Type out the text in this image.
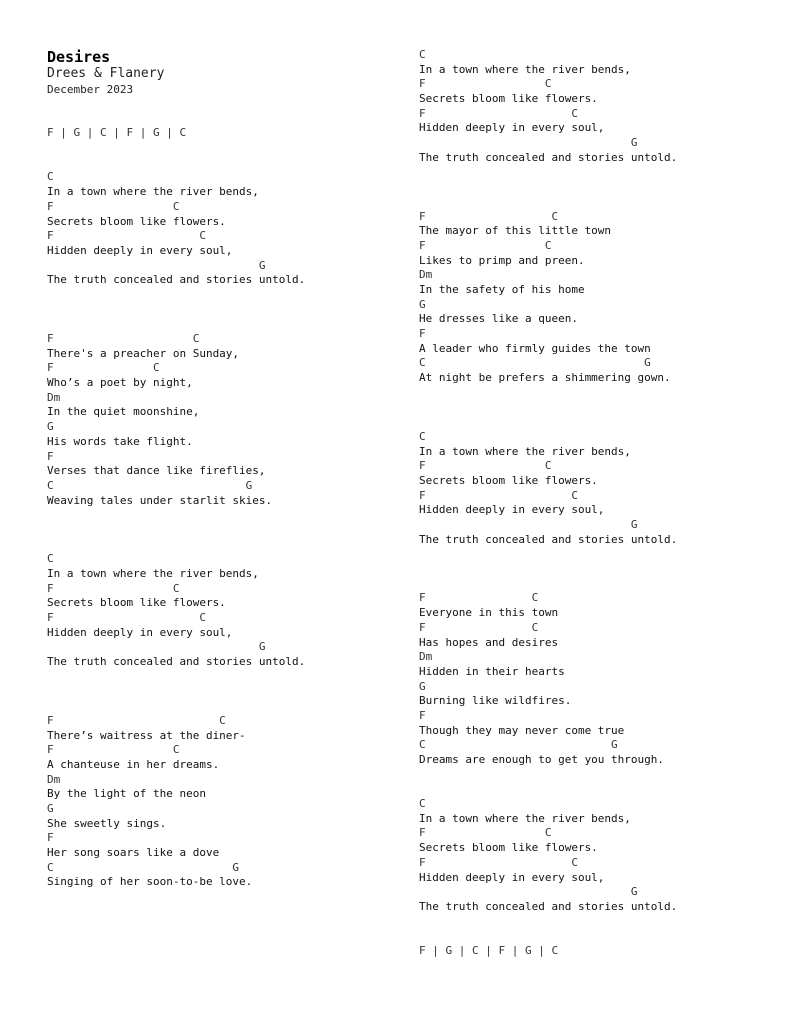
Desires
Drees & Flanery
December 2023
F | G | C | F | G | C
C
In a town where the river bends,
F                  C
Secrets bloom like flowers.
F                      C
Hidden deeply in every soul,
G
The truth concealed and stories untold.
F                     C
There's a preacher on Sunday,
F               C
Who’s a poet by night,
Dm
In the quiet moonshine,
G
His words take flight.
F
Verses that dance like fireflies,
C                             G
Weaving tales under starlit skies.
C
In a town where the river bends,
F                  C
Secrets bloom like flowers.
F                      C
Hidden deeply in every soul,
G
The truth concealed and stories untold.
F                         C
There’s waitress at the diner-
F                  C
A chanteuse in her dreams.
Dm
By the light of the neon
G
She sweetly sings.
F
Her song soars like a dove
C                           G
Singing of her soon-to-be love.
C
In a town where the river bends,
F                  C
Secrets bloom like flowers.
F                      C
Hidden deeply in every soul,
G
The truth concealed and stories untold.
F                   C
The mayor of this little town
F                  C
Likes to primp and preen.
Dm
In the safety of his home
G
He dresses like a queen.
F
A leader who firmly guides the town
C                                 G
At night be prefers a shimmering gown.
C
In a town where the river bends,
F                  C
Secrets bloom like flowers.
F                      C
Hidden deeply in every soul,
G
The truth concealed and stories untold.
F                C
Everyone in this town
F                C
Has hopes and desires
Dm
Hidden in their hearts
G
Burning like wildfires.
F
Though they may never come true
C                            G
Dreams are enough to get you through.
C
In a town where the river bends,
F                  C
Secrets bloom like flowers.
F                      C
Hidden deeply in every soul,
G
The truth concealed and stories untold.
F | G | C | F | G | C
